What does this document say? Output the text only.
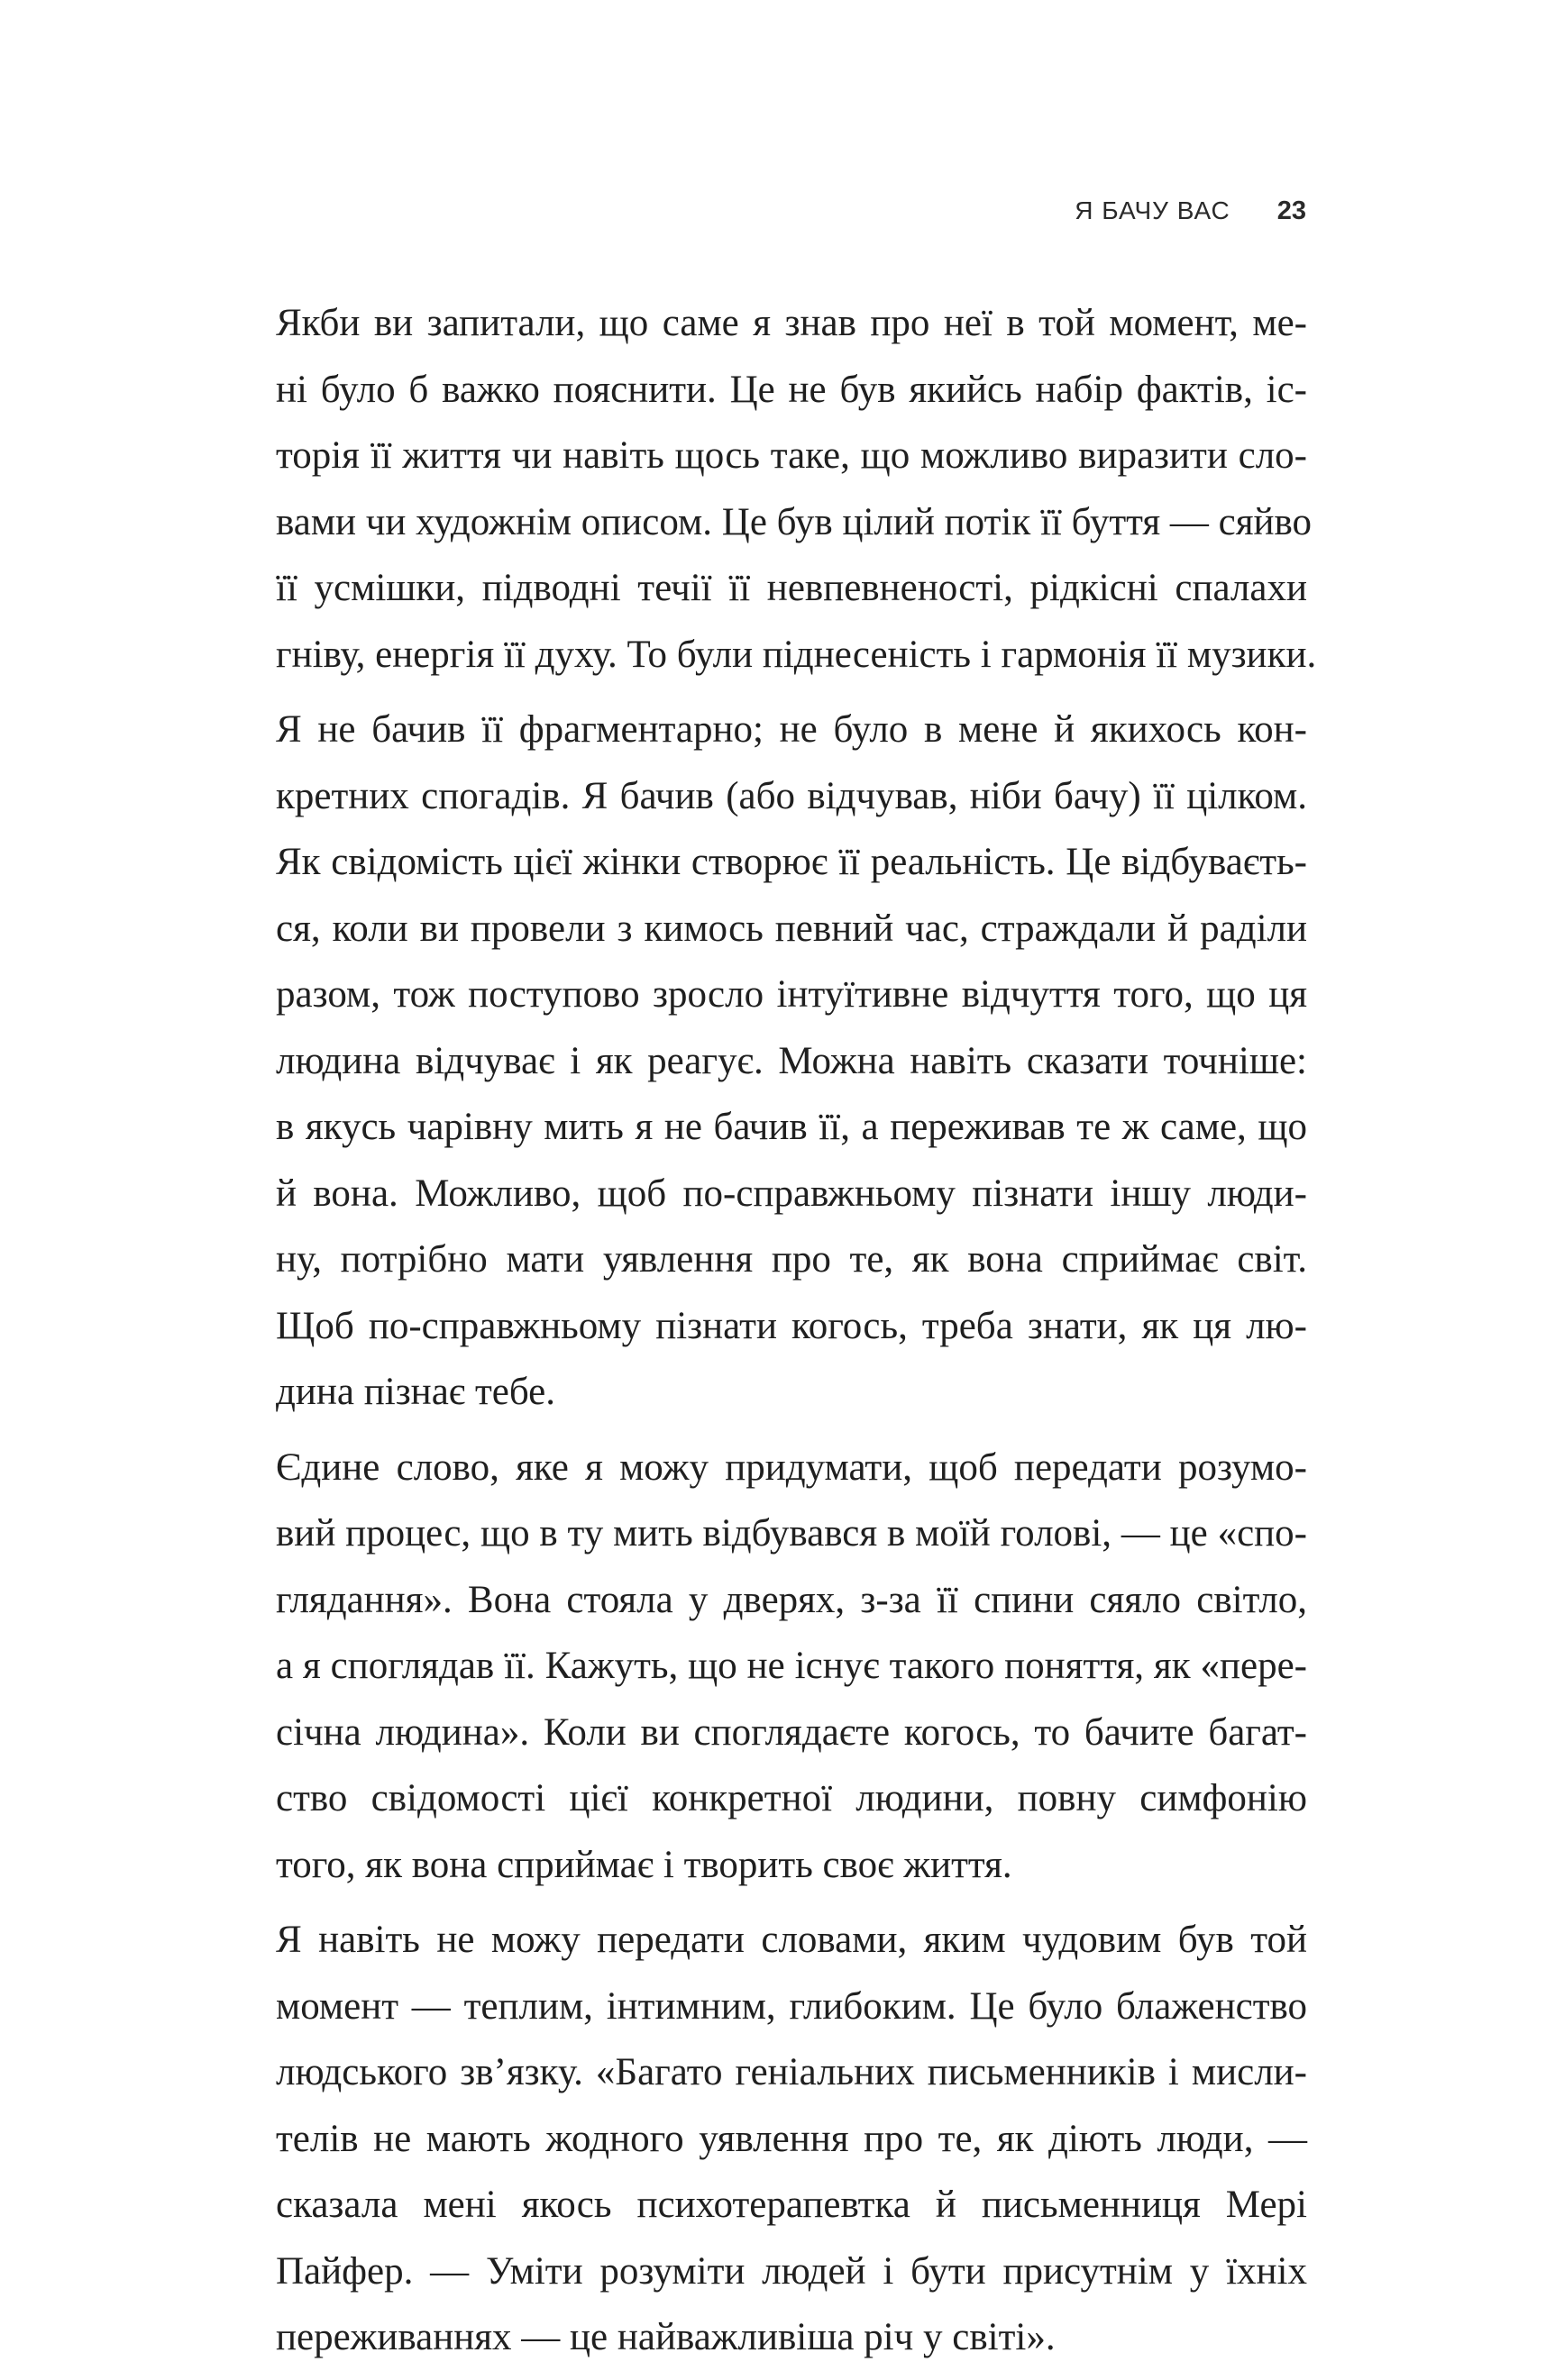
Я БАЧУ ВАС 23

Якби ви запитали, що саме я знав про неї в той момент, ме-
ні було б важко пояснити. Це не був якийсь набір фактів, іс-
торія її життя чи навіть щось таке, що можливо виразити сло-
вами чи художнім описом. Це був цілий потік її буття — сяйво
її усмішки, підводні течії її невпевненості, рідкісні спалахи
гніву, енергія її духу. То були піднесеність і гармонія її музики.

Я не бачив її фрагментарно; не було в мене й якихось кон-
кретних спогадів. Я бачив (або відчував, ніби бачу) її цілком.
Як свідомість цієї жінки створює її реальність. Це відбуваєть-
ся, коли ви провели з кимось певний час, страждали й раділи
разом, тож поступово зросло інтуїтивне відчуття того, що ця
людина відчуває і як реагує. Можна навіть сказати точніше:
в якусь чарівну мить я не бачив її, а переживав те ж саме, що
й вона. Можливо, щоб по-справжньому пізнати іншу люди-
ну, потрібно мати уявлення про те, як вона сприймає світ.
Щоб по-справжньому пізнати когось, треба знати, як ця лю-
дина пізнає тебе.

Єдине слово, яке я можу придумати, щоб передати розумо-
вий процес, що в ту мить відбувався в моїй голові, — це «спо-
глядання». Вона стояла у дверях, з-за її спини сяяло світло,
а я споглядав її. Кажуть, що не існує такого поняття, як «пере-
січна людина». Коли ви споглядаєте когось, то бачите багат-
ство свідомості цієї конкретної людини, повну симфонію
того, як вона сприймає і творить своє життя.

Я навіть не можу передати словами, яким чудовим був той
момент — теплим, інтимним, глибоким. Це було блаженство
людського зв’язку. «Багато геніальних письменників і мисли-
телів не мають жодного уявлення про те, як діють люди, —
сказала мені якось психотерапевтка й письменниця Мері
Пайфер. — Уміти розуміти людей і бути присутнім у їхніх
переживаннях — це найважливіша річ у світі».
